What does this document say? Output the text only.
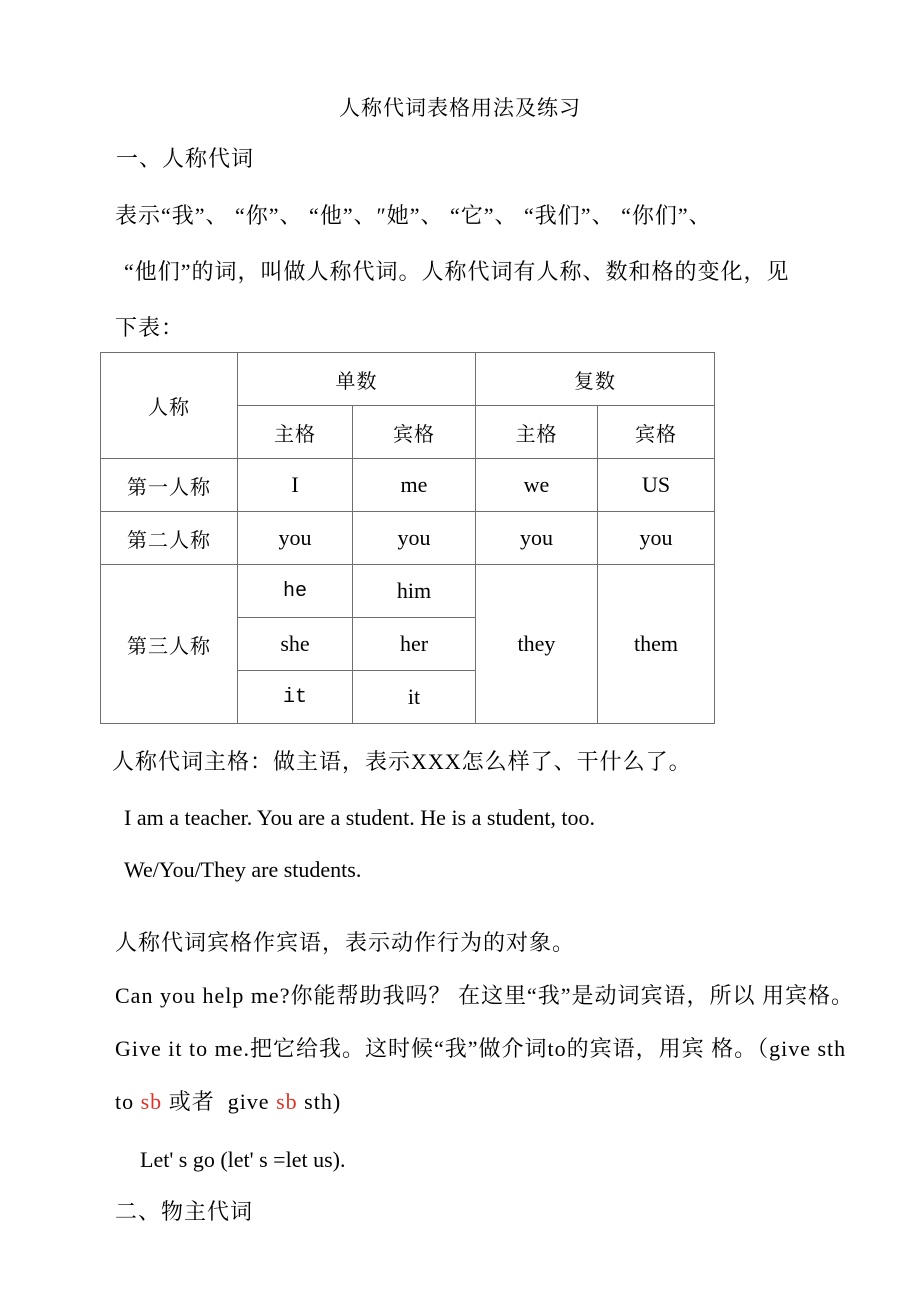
人称代词表格用法及练习
一、人称代词
表示“我”、 “你”、 “他”、″她”、 “它”、 “我们”、 “你们”、
“他们”的词，叫做人称代词。人称代词有人称、数和格的变化，见
下表：
人称	单数		复数	
	主格	宾格	主格	宾格
第一人称	I	me	we	US
第二人称	you	you	you	you
第三人称	he	him	they	them
	she	her		
	it	it		
人称代词主格：做主语，表示XXX怎么样了、干什么了。
I am a teacher. You are a student. He is a student, too.
We/You/They are students.
人称代词宾格作宾语，表示动作行为的对象。
Can you help me?你能帮助我吗？ 在这里“我”是动词宾语，所以 用宾格。
Give it to me.把它给我。这时候“我”做介词to的宾语，用宾 格。（give sth
to sb 或者  give sb sth)
Let' s go (let' s =let us).
二、物主代词
